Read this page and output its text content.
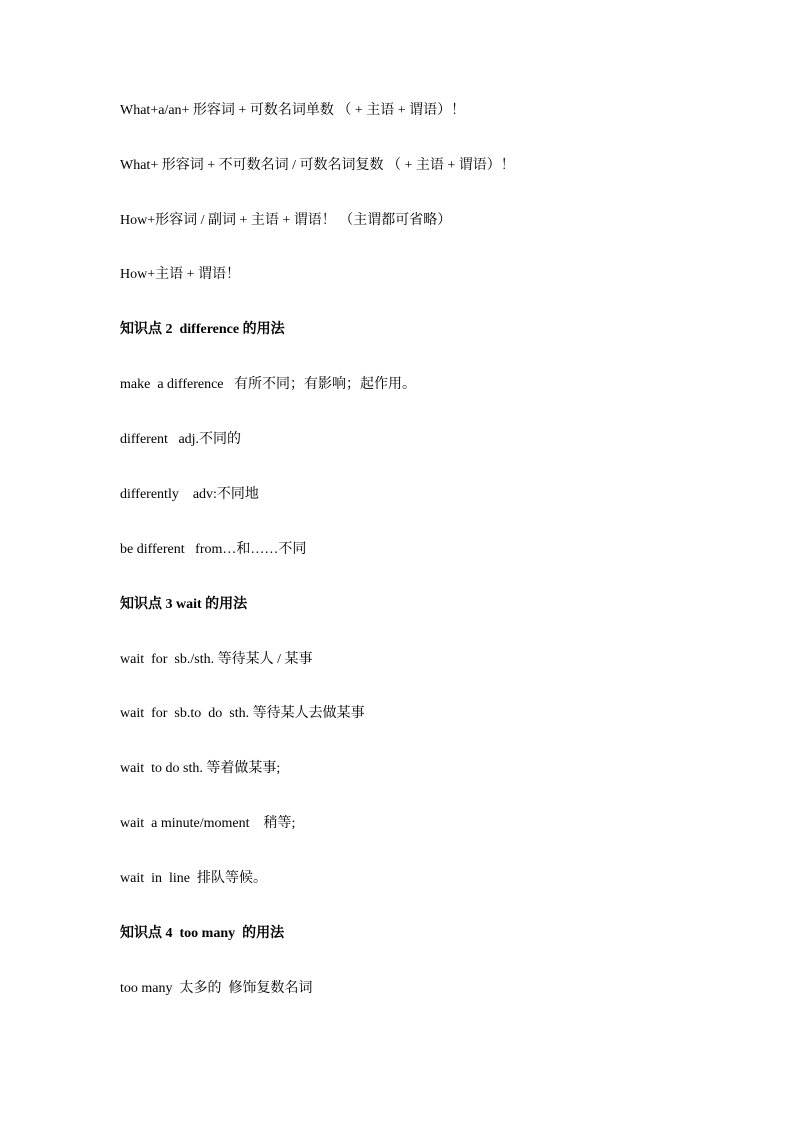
What+a/an+ 形容词 + 可数名词单数 （ + 主语 + 谓语）！

What+ 形容词 + 不可数名词 / 可数名词复数 （ + 主语 + 谓语）！

How+形容词 / 副词 + 主语 + 谓语！ （主谓都可省略）

How+主语 + 谓语！

知识点 2  difference 的用法

make  a difference   有所不同；有影响；起作用。

different   adj.不同的

differently    adv:不同地

be different   from…和……不同

知识点 3 wait 的用法

wait  for  sb./sth. 等待某人 / 某事

wait  for  sb.to  do  sth. 等待某人去做某事

wait  to do sth. 等着做某事;

wait  a minute/moment    稍等;

wait  in  line  排队等候。

知识点 4  too many  的用法

too many  太多的  修饰复数名词
